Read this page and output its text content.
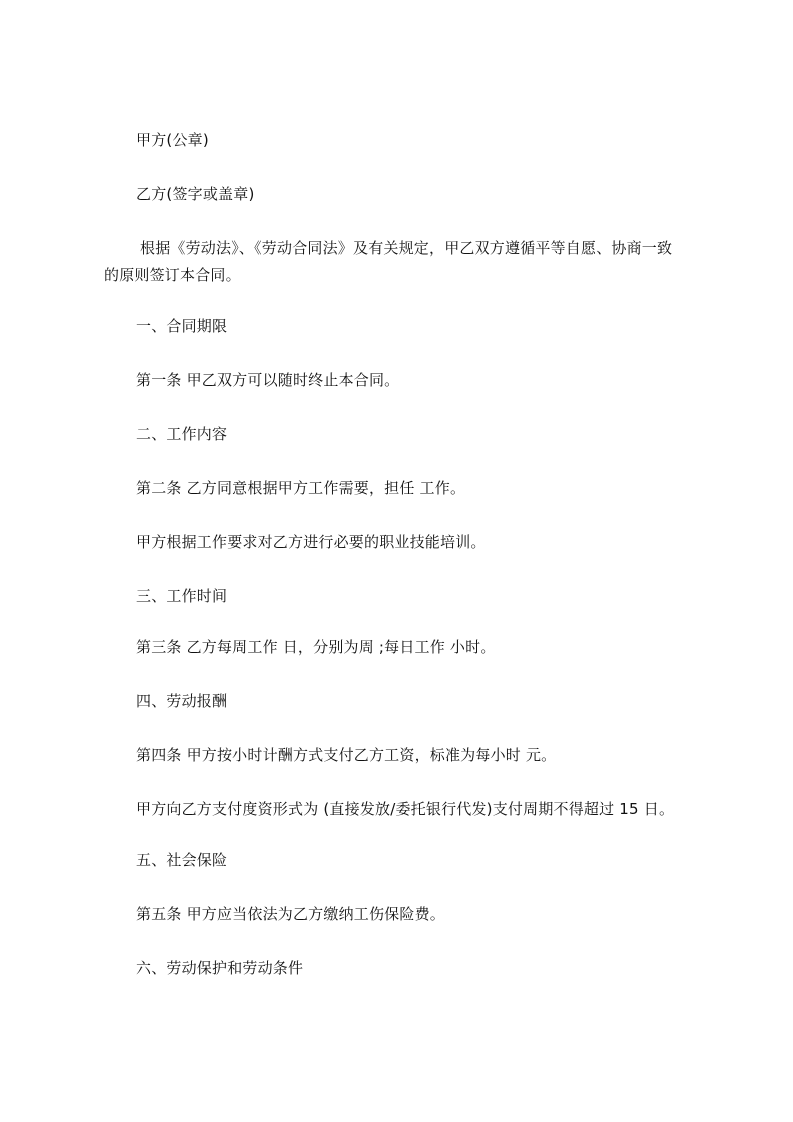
甲方(公章)

乙方(签字或盖章)

根据《劳动法》、《劳动合同法》及有关规定，甲乙双方遵循平等自愿、协商一致

的原则签订本合同。

一、合同期限

第一条 甲乙双方可以随时终止本合同。

二、工作内容

第二条 乙方同意根据甲方工作需要，担任 工作。

甲方根据工作要求对乙方进行必要的职业技能培训。

三、工作时间

第三条 乙方每周工作 日，分别为周 ;每日工作 小时。

四、劳动报酬

第四条 甲方按小时计酬方式支付乙方工资，标准为每小时 元。

甲方向乙方支付度资形式为 (直接发放/委托银行代发)支付周期不得超过 15 日。

五、社会保险

第五条 甲方应当依法为乙方缴纳工伤保险费。

六、劳动保护和劳动条件
